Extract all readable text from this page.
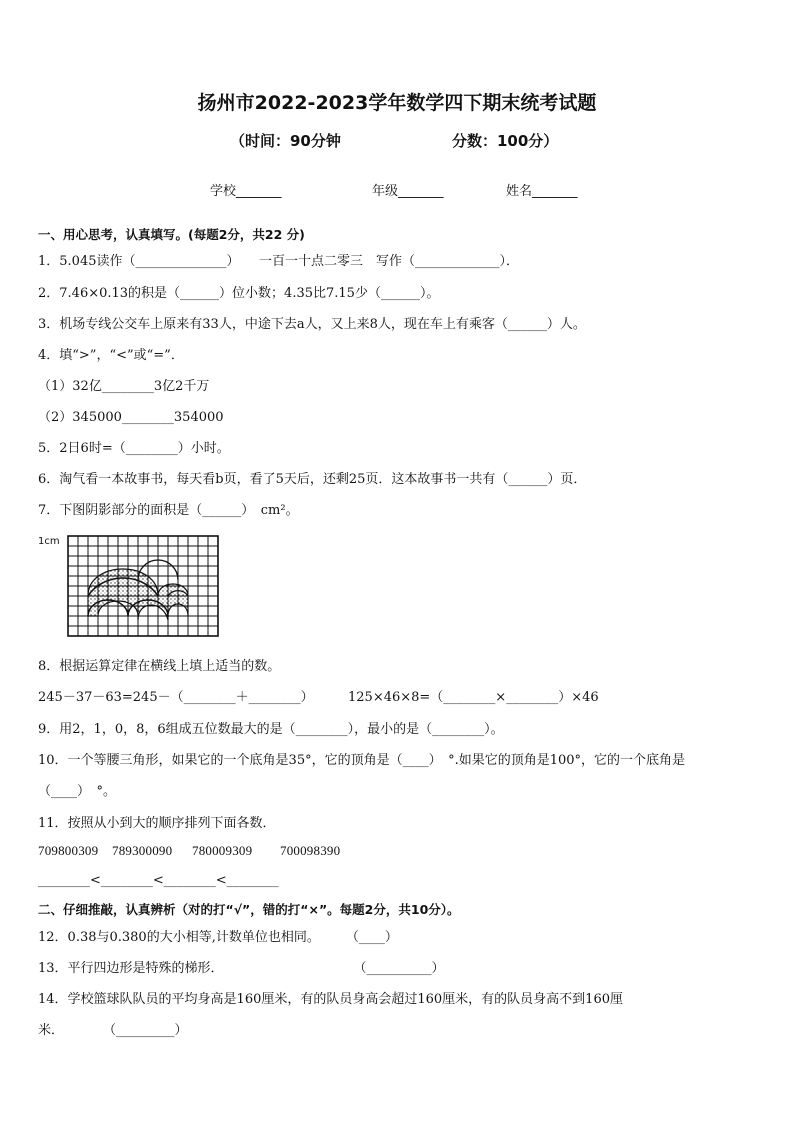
扬州市2022-2023学年数学四下期末统考试题
（时间：90分钟	分数：100分）
学校_______	年级_______	姓名_______
一、用心思考，认真填写。(每题2分，共22 分)
1．5.045读作（______________）　　一百一十点二零三　写作（_____________）．
2．7.46×0.13的积是（______）位小数；4.35比7.15少（______）。
3．机场专线公交车上原来有33人，中途下去a人，又上来8人，现在车上有乘客（______）人。
4．填“>”，“<”或“=”．
（1）32亿________3亿2千万
（2）345000________354000
5．2日6时=（________）小时。
6．淘气看一本故事书，每天看b页，看了5天后，还剩25页．这本故事书一共有（______）页．
7．下图阴影部分的面积是（______）　cm²。
1cm
8．根据运算定律在横线上填上适当的数。
245－37－63=245－（________＋________）	125×46×8=（________×________）×46
9．用2，1，0，8，6组成五位数最大的是（________），最小的是（________）。
10．一个等腰三角形，如果它的一个底角是35°，它的顶角是（____）　°.如果它的顶角是100°，它的一个底角是
（____）　°。
11．按照从小到大的顺序排列下面各数．
709800309 789300090 780009309 700098390
________<________<________<________
二、仔细推敲，认真辨析（对的打“√”，错的打“×”。每题2分，共10分）。
12．0.38与0.380的大小相等,计数单位也相同。　　　（____）
13．平行四边形是特殊的梯形．　　　　　　　　　　　（__________）
14．学校篮球队队员的平均身高是160厘米，有的队员身高会超过160厘米，有的队员身高不到160厘
米．　　　　（_________）
